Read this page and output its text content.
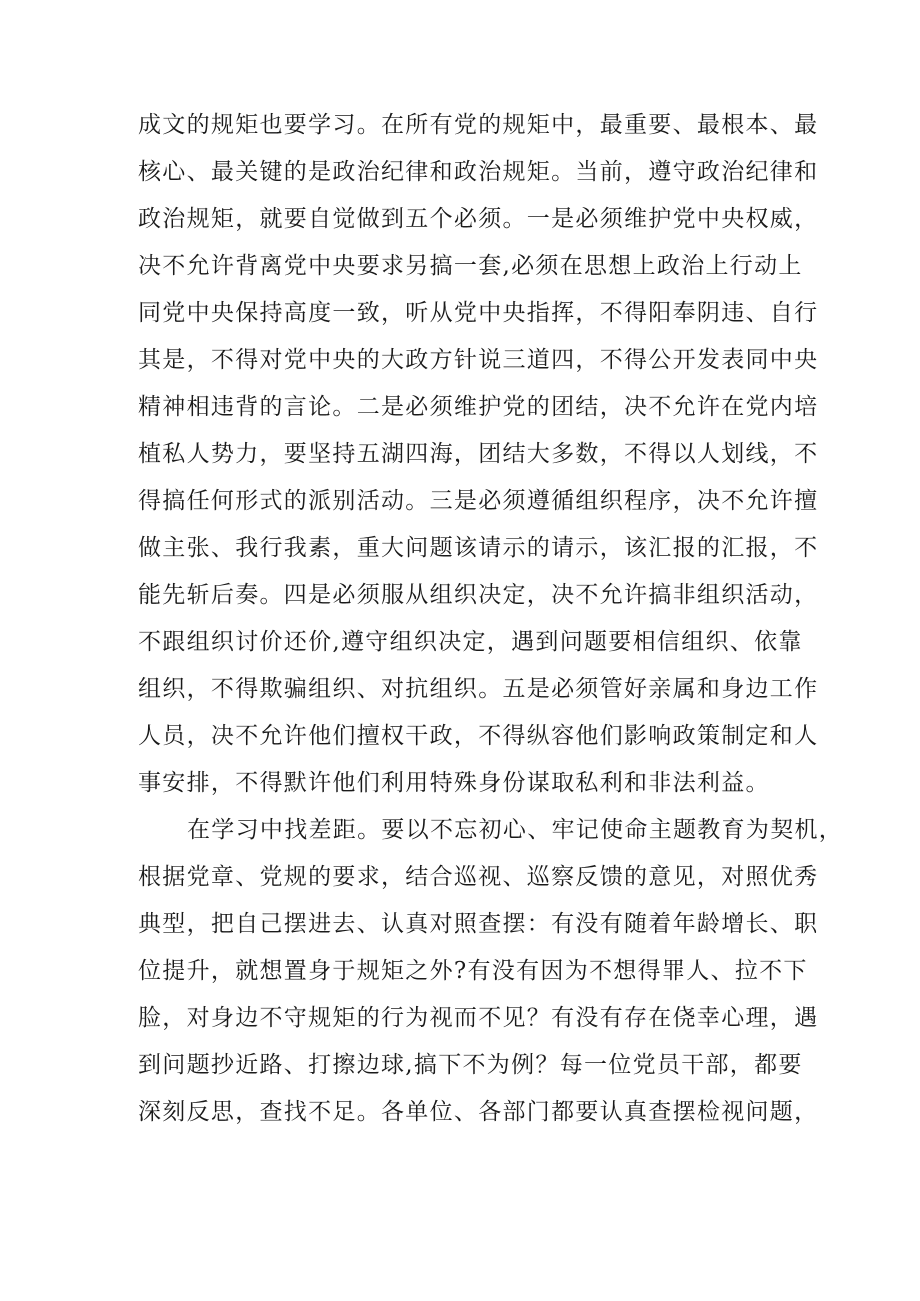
成文的规矩也要学习。在所有党的规矩中，最重要、最根本、最
核心、最关键的是政治纪律和政治规矩。当前，遵守政治纪律和
政治规矩，就要自觉做到五个必须。一是必须维护党中央权威，
决不允许背离党中央要求另搞一套,必须在思想上政治上行动上
同党中央保持高度一致，听从党中央指挥，不得阳奉阴违、自行
其是，不得对党中央的大政方针说三道四，不得公开发表同中央
精神相违背的言论。二是必须维护党的团结，决不允许在党内培
植私人势力，要坚持五湖四海，团结大多数，不得以人划线，不
得搞任何形式的派别活动。三是必须遵循组织程序，决不允许擅
做主张、我行我素，重大问题该请示的请示，该汇报的汇报，不
能先斩后奏。四是必须服从组织决定，决不允许搞非组织活动，
不跟组织讨价还价,遵守组织决定，遇到问题要相信组织、依靠
组织，不得欺骗组织、对抗组织。五是必须管好亲属和身边工作
人员，决不允许他们擅权干政，不得纵容他们影响政策制定和人
事安排，不得默许他们利用特殊身份谋取私利和非法利益。
在学习中找差距。要以不忘初心、牢记使命主题教育为契机，
根据党章、党规的要求，结合巡视、巡察反馈的意见，对照优秀
典型，把自己摆进去、认真对照查摆：有没有随着年龄增长、职
位提升，就想置身于规矩之外?有没有因为不想得罪人、拉不下
脸，对身边不守规矩的行为视而不见？有没有存在侥幸心理，遇
到问题抄近路、打擦边球,搞下不为例？每一位党员干部，都要
深刻反思，查找不足。各单位、各部门都要认真查摆检视问题，
